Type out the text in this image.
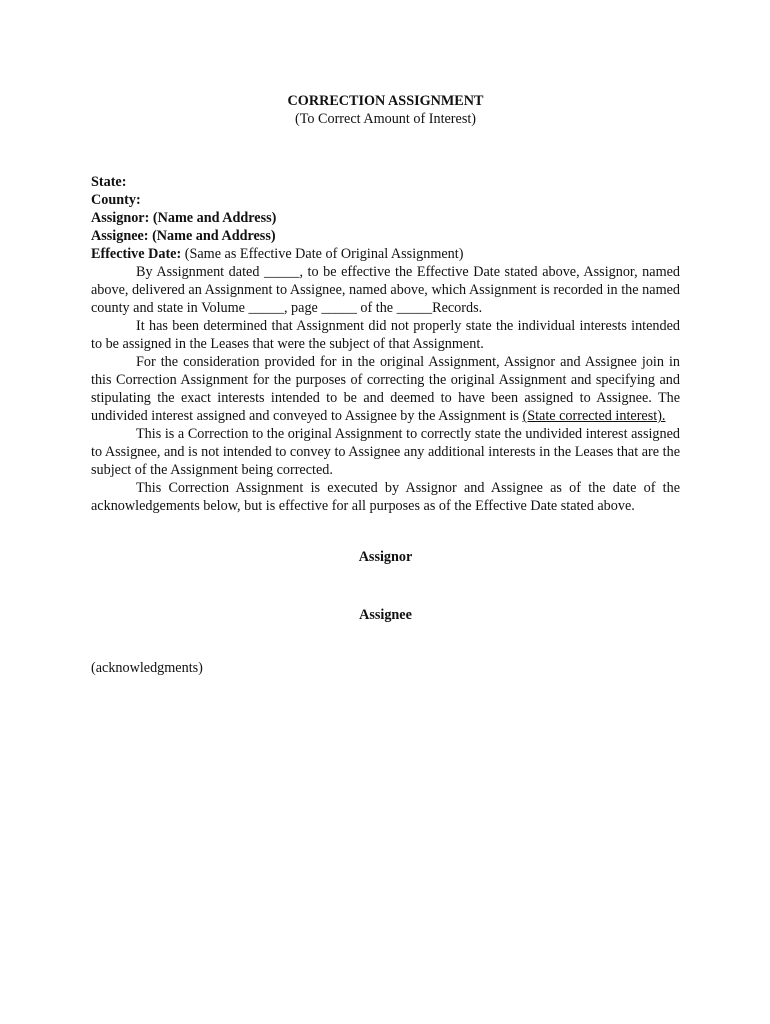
CORRECTION ASSIGNMENT
(To Correct Amount of Interest)
State:
County:
Assignor: (Name and Address)
Assignee: (Name and Address)
Effective Date: (Same as Effective Date of Original Assignment)

By Assignment dated _____, to be effective the Effective Date stated above, Assignor, named above, delivered an Assignment to Assignee, named above, which Assignment is recorded in the named county and state in Volume _____, page _____ of the _____Records.

It has been determined that Assignment did not properly state the individual interests intended to be assigned in the Leases that were the subject of that Assignment.

For the consideration provided for in the original Assignment, Assignor and Assignee join in this Correction Assignment for the purposes of correcting the original Assignment and specifying and stipulating the exact interests intended to be and deemed to have been assigned to Assignee. The undivided interest assigned and conveyed to Assignee by the Assignment is (State corrected interest).

This is a Correction to the original Assignment to correctly state the undivided interest assigned to Assignee, and is not intended to convey to Assignee any additional interests in the Leases that are the subject of the Assignment being corrected.

This Correction Assignment is executed by Assignor and Assignee as of the date of the acknowledgements below, but is effective for all purposes as of the Effective Date stated above.

Assignor
Assignee
(acknowledgments)
